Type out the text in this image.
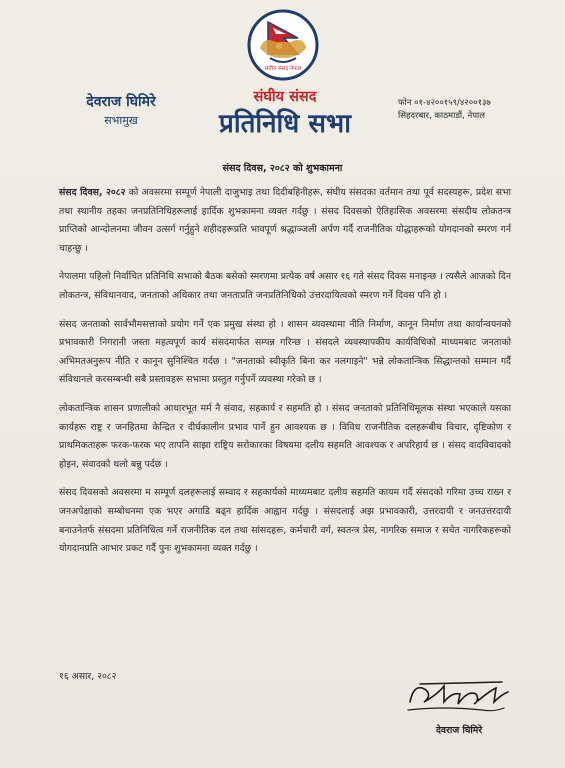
संघीय संसद नेपाल
देवराज घिमिरे
सभामुख
संघीय संसद
प्रतिनिधि सभा
फोन ०१-४२००१५९/४२००१३७
सिंहदरबार, काठमाडौं, नेपाल
संसद दिवस, २०८२ को शुभकामना

संसद दिवस, २०८२ को अवसरमा सम्पूर्ण नेपाली दाजुभाइ तथा दिदीबहिनीहरू, संघीय संसदका वर्तमान तथा पूर्व सदस्यहरू, प्रदेश सभा तथा स्थानीय तहका जनप्रतिनिधिहरूलाई हार्दिक शुभकामना व्यक्त गर्दछु । संसद दिवसको ऐतिहासिक अवसरमा संसदीय लोकतन्त्र प्राप्तिको आन्दोलनमा जीवन उत्सर्ग गर्नुहुने शहीदहरूप्रति भावपूर्ण श्रद्धाञ्जली अर्पण गर्दै राजनीतिक योद्धाहरूको योगदानको स्मरण गर्न चाहन्छु ।

नेपालमा पहिलो निर्वाचित प्रतिनिधि सभाको बैठक बसेको स्मरणमा प्रत्येक वर्ष असार १६ गते संसद दिवस मनाइन्छ । त्यसैले आजको दिन लोकतन्त्र, संविधानवाद, जनताको अधिकार तथा जनताप्रति जनप्रतिनिधिको उत्तरदायित्वको स्मरण गर्ने दिवस पनि हो ।

संसद जनताको सार्वभौमसत्ताको प्रयोग गर्ने एक प्रमुख संस्था हो । शासन व्यवस्थामा नीति निर्माण, कानून निर्माण तथा कार्यान्वयनको प्रभावकारी निगरानी जस्ता महत्वपूर्ण कार्य संसदमार्फत सम्पन्न गरिन्छ । संसदले व्यवस्थापकीय कार्यविधिको माध्यमबाट जनताको अभिमतअनुरूप नीति र कानून सुनिश्चित गर्दछ । "जनताको स्वीकृति बिना कर नलगाइने" भन्ने लोकतान्त्रिक सिद्धान्तको सम्मान गर्दै संविधानले करसम्बन्धी सबै प्रस्तावहरू सभामा प्रस्तुत गर्नुपर्ने व्यवस्था गरेको छ ।

लोकतान्त्रिक शासन प्रणालीको आधारभूत मर्म नै संवाद, सहकार्य र सहमति हो । संसद जनताको प्रतिनिधिमूलक संस्था भएकाले यसका कार्यहरू राष्ट्र र जनहितमा केन्द्रित र दीर्घकालीन प्रभाव पार्ने हुन आवश्यक छ । विविध राजनीतिक दलहरूबीच विचार, दृष्टिकोण र प्राथमिकताहरू फरक-फरक भए तापनि साझा राष्ट्रिय सरोकारका विषयमा दलीय सहमति आवश्यक र अपरिहार्य छ । संसद वादविवादको होइन, संवादको थलो बन्नु पर्दछ ।

संसद दिवसको अवसरमा म सम्पूर्ण दलहरूलाई सम्वाद र सहकार्यको माध्यमबाट दलीय सहमति कायम गर्दै संसदको गरिमा उच्च राख्न र जनअपेक्षाको सम्बोधनमा एक भएर अगाडि बढ्न हार्दिक आह्वान गर्दछु । संसदलाई अझ प्रभावकारी, उत्तरदायी र जनउत्तरदायी बनाउनेतर्फ संसदमा प्रतिनिधित्व गर्ने राजनीतिक दल तथा सांसदहरू, कर्मचारी वर्ग, स्वतन्त्र प्रेस, नागरिक समाज र सचेत नागरिकहरूको योगदानप्रति आभार प्रकट गर्दै पुनः शुभकामना व्यक्त गर्दछु ।

१६ असार, २०८२
देवराज घिमिरे
